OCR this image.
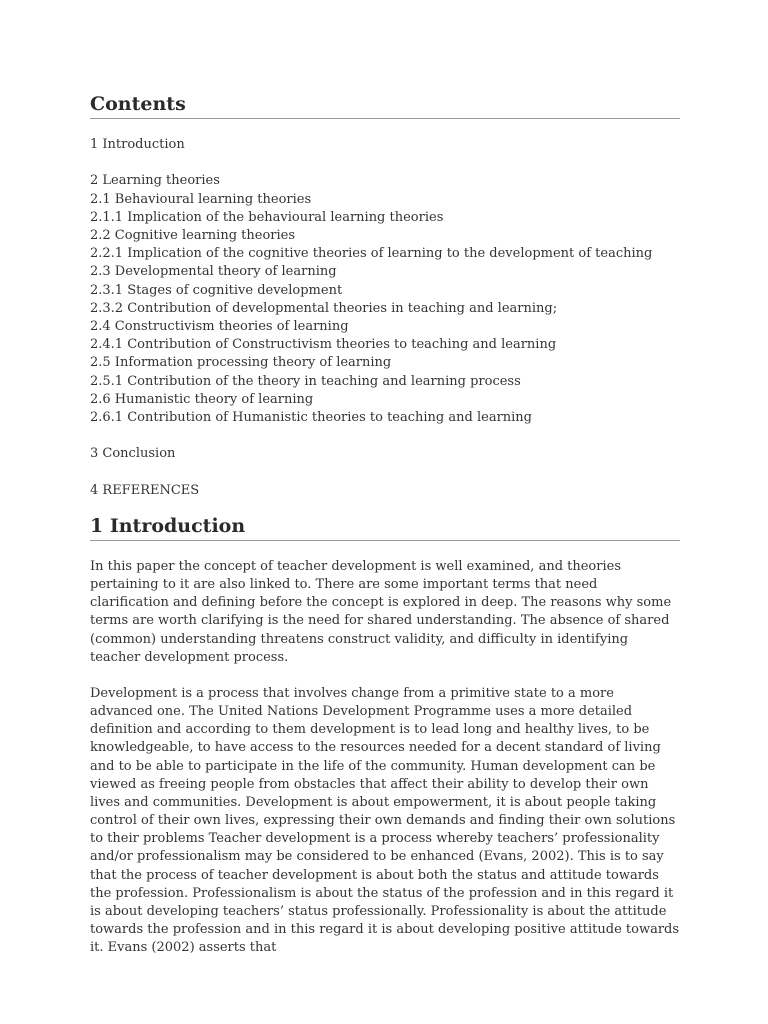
Contents
1 Introduction
2 Learning theories
2.1 Behavioural learning theories
2.1.1 Implication of the behavioural learning theories
2.2 Cognitive learning theories
2.2.1 Implication of the cognitive theories of learning to the development of teaching
2.3 Developmental theory of learning
2.3.1 Stages of cognitive development
2.3.2 Contribution of developmental theories in teaching and learning;
2.4 Constructivism theories of learning
2.4.1 Contribution of Constructivism theories to teaching and learning
2.5 Information processing theory of learning
2.5.1 Contribution of the theory in teaching and learning process
2.6 Humanistic theory of learning
2.6.1 Contribution of Humanistic theories to teaching and learning
3 Conclusion
4 REFERENCES
1 Introduction

In this paper the concept of teacher development is well examined, and theories pertaining to it are also linked to. There are some important terms that need clarification and defining before the concept is explored in deep. The reasons why some terms are worth clarifying is the need for shared understanding. The absence of shared (common) understanding threatens construct validity, and difficulty in identifying teacher development process.

Development is a process that involves change from a primitive state to a more advanced one. The United Nations Development Programme uses a more detailed definition and according to them development is to lead long and healthy lives, to be knowledgeable, to have access to the resources needed for a decent standard of living and to be able to participate in the life of the community. Human development can be viewed as freeing people from obstacles that affect their ability to develop their own lives and communities. Development is about empowerment, it is about people taking control of their own lives, expressing their own demands and finding their own solutions to their problems Teacher development is a process whereby teachers’ professionality and/or professionalism may be considered to be enhanced (Evans, 2002). This is to say that the process of teacher development is about both the status and attitude towards the profession. Professionalism is about the status of the profession and in this regard it is about developing teachers’ status professionally. Professionality is about the attitude towards the profession and in this regard it is about developing positive attitude towards it. Evans (2002) asserts that
